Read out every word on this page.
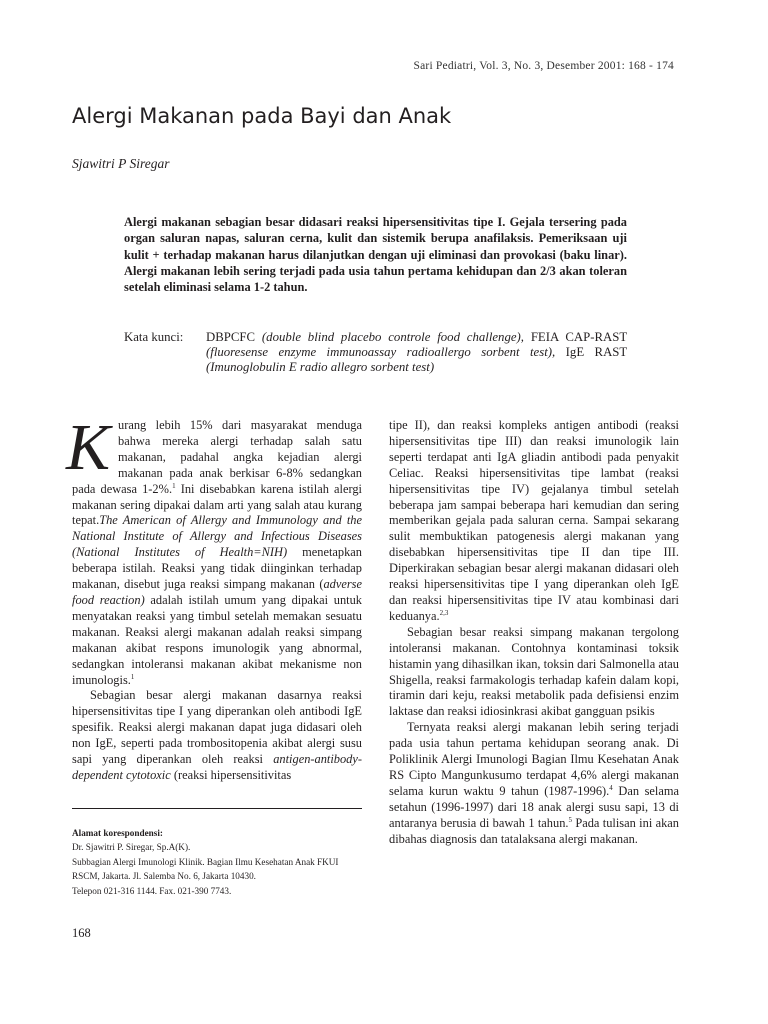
Sari Pediatri, Vol. 3, No. 3, Desember 2001: 168 - 174
Alergi Makanan pada Bayi dan Anak
Sjawitri P Siregar
Alergi makanan sebagian besar didasari reaksi hipersensitivitas tipe I. Gejala tersering pada organ saluran napas, saluran cerna, kulit dan sistemik berupa anafilaksis. Pemeriksaan uji kulit + terhadap makanan harus dilanjutkan dengan uji eliminasi dan provokasi (baku linar). Alergi makanan lebih sering terjadi pada usia tahun pertama kehidupan dan 2/3 akan toleran setelah eliminasi selama 1-2 tahun.
Kata kunci: DBPCFC (double blind placebo controle food challenge), FEIA CAP-RAST (fluoresense enzyme immunoassay radioallergo sorbent test), IgE RAST (Imunoglobulin E radio allegro sorbent test)

Kurang lebih 15% dari masyarakat menduga bahwa mereka alergi terhadap salah satu makanan, padahal angka kejadian alergi makanan pada anak berkisar 6-8% sedangkan pada dewasa 1-2%.$^1$ Ini disebabkan karena istilah alergi makanan sering dipakai dalam arti yang salah atau kurang tepat.The American of Allergy and Immunology and the National Institute of Allergy and Infectious Diseases (National Institutes of Health=NIH) menetapkan beberapa istilah. Reaksi yang tidak diinginkan terhadap makanan, disebut juga reaksi simpang makanan (adverse food reaction) adalah istilah umum yang dipakai untuk menyatakan reaksi yang timbul setelah memakan sesuatu makanan. Reaksi alergi makanan adalah reaksi simpang makanan akibat respons imunologik yang abnormal, sedangkan intoleransi makanan akibat mekanisme non imunologis.$^1$

Sebagian besar alergi makanan dasarnya reaksi hipersensitivitas tipe I yang diperankan oleh antibodi IgE spesifik. Reaksi alergi makanan dapat juga didasari oleh non IgE, seperti pada trombositopenia akibat alergi susu sapi yang diperankan oleh reaksi antigen-antibody- dependent cytotoxic (reaksi hipersensitivitas

tipe II), dan reaksi kompleks antigen antibodi (reaksi hipersensitivitas tipe III) dan reaksi imunologik lain seperti terdapat anti IgA gliadin antibodi pada penyakit Celiac. Reaksi hipersensitivitas tipe lambat (reaksi hipersensitivitas tipe IV) gejalanya timbul setelah beberapa jam sampai beberapa hari kemudian dan sering memberikan gejala pada saluran cerna. Sampai sekarang sulit membuktikan patogenesis alergi makanan yang disebabkan hipersensitivitas tipe II dan tipe III. Diperkirakan sebagian besar alergi makanan didasari oleh reaksi hipersensitivitas tipe I yang diperankan oleh IgE dan reaksi hipersensitivitas tipe IV atau kombinasi dari keduanya.$^{2,3}$

Sebagian besar reaksi simpang makanan tergolong intoleransi makanan. Contohnya kontaminasi toksik histamin yang dihasilkan ikan, toksin dari Salmonella atau Shigella, reaksi farmakologis terhadap kafein dalam kopi, tiramin dari keju, reaksi metabolik pada defisiensi enzim laktase dan reaksi idiosinkrasi akibat gangguan psikis

Ternyata reaksi alergi makanan lebih sering terjadi pada usia tahun pertama kehidupan seorang anak. Di Poliklinik Alergi Imunologi Bagian Ilmu Kesehatan Anak RS Cipto Mangunkusumo terdapat 4,6% alergi makanan selama kurun waktu 9 tahun (1987-1996).$^4$ Dan selama setahun (1996-1997) dari 18 anak alergi susu sapi, 13 di antaranya berusia di bawah 1 tahun.$^5$ Pada tulisan ini akan dibahas diagnosis dan tatalaksana alergi makanan.

Alamat korespondensi:
Dr. Sjawitri P. Siregar, Sp.A(K).
Subbagian Alergi Imunologi Klinik. Bagian Ilmu Kesehatan Anak FKUI
RSCM, Jakarta. Jl. Salemba No. 6, Jakarta 10430.
Telepon 021-316 1144. Fax. 021-390 7743.
168
